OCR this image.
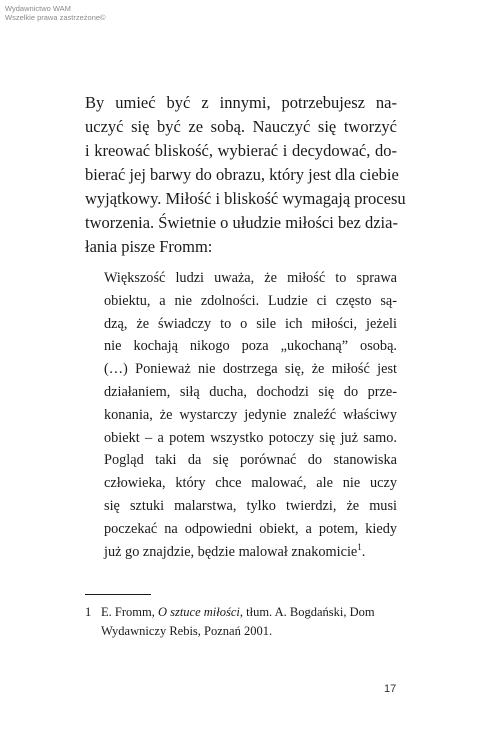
Wydawnictwo WAM
Wszelkie prawa zastrzeżone©
By umieć być z innymi, potrzebujesz na-
uczyć się być ze sobą. Nauczyć się tworzyć
i kreować bliskość, wybierać i decydować, do-
bierać jej barwy do obrazu, który jest dla ciebie
wyjątkowy. Miłość i bliskość wymagają procesu
tworzenia. Świetnie o ułudzie miłości bez dzia-
łania pisze Fromm:
Większość ludzi uważa, że miłość to sprawa
obiektu, a nie zdolności. Ludzie ci często są-
dzą, że świadczy to o sile ich miłości, jeżeli
nie kochają nikogo poza „ukochaną” osobą.
(…) Ponieważ nie dostrzega się, że miłość jest
działaniem, siłą ducha, dochodzi się do prze-
konania, że wystarczy jedynie znaleźć właściwy
obiekt – a potem wszystko potoczy się już samo.
Pogląd taki da się porównać do stanowiska
człowieka, który chce malować, ale nie uczy
się sztuki malarstwa, tylko twierdzi, że musi
poczekać na odpowiedni obiekt, a potem, kiedy
już go znajdzie, będzie malował znakomicie$^1$.
1 E. Fromm, O sztuce miłości, tłum. A. Bogdański, Dom
Wydawniczy Rebis, Poznań 2001.
17
